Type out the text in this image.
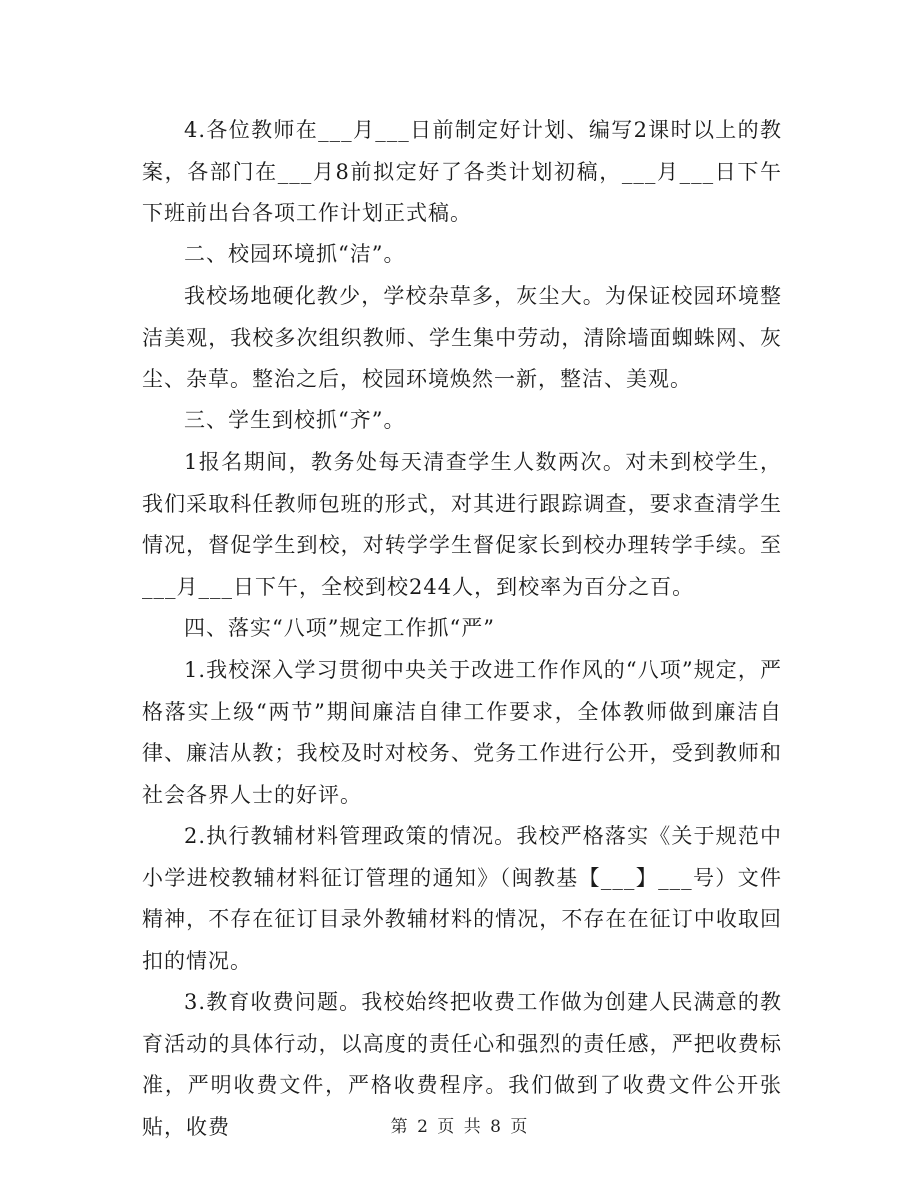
4.各位教师在___月___日前制定好计划、编写2课时以上的教案，各部门在___月8前拟定好了各类计划初稿，___月___日下午下班前出台各项工作计划正式稿。

二、校园环境抓“洁”。

我校场地硬化教少，学校杂草多，灰尘大。为保证校园环境整洁美观，我校多次组织教师、学生集中劳动，清除墙面蜘蛛网、灰尘、杂草。整治之后，校园环境焕然一新，整洁、美观。

三、学生到校抓“齐”。

1报名期间，教务处每天清查学生人数两次。对未到校学生，我们采取科任教师包班的形式，对其进行跟踪调查，要求查清学生情况，督促学生到校，对转学学生督促家长到校办理转学手续。至___月___日下午，全校到校244人，到校率为百分之百。

四、落实“八项”规定工作抓“严”

1.我校深入学习贯彻中央关于改进工作作风的“八项”规定，严格落实上级“两节”期间廉洁自律工作要求，全体教师做到廉洁自律、廉洁从教；我校及时对校务、党务工作进行公开，受到教师和社会各界人士的好评。

2.执行教辅材料管理政策的情况。我校严格落实《关于规范中小学进校教辅材料征订管理的通知》（闽教基【___】___号）文件精神，不存在征订目录外教辅材料的情况，不存在在征订中收取回扣的情况。

3.教育收费问题。我校始终把收费工作做为创建人民满意的教育活动的具体行动，以高度的责任心和强烈的责任感，严把收费标准，严明收费文件，严格收费程序。我们做到了收费文件公开张贴，收费	第 2 页 共 8 页
